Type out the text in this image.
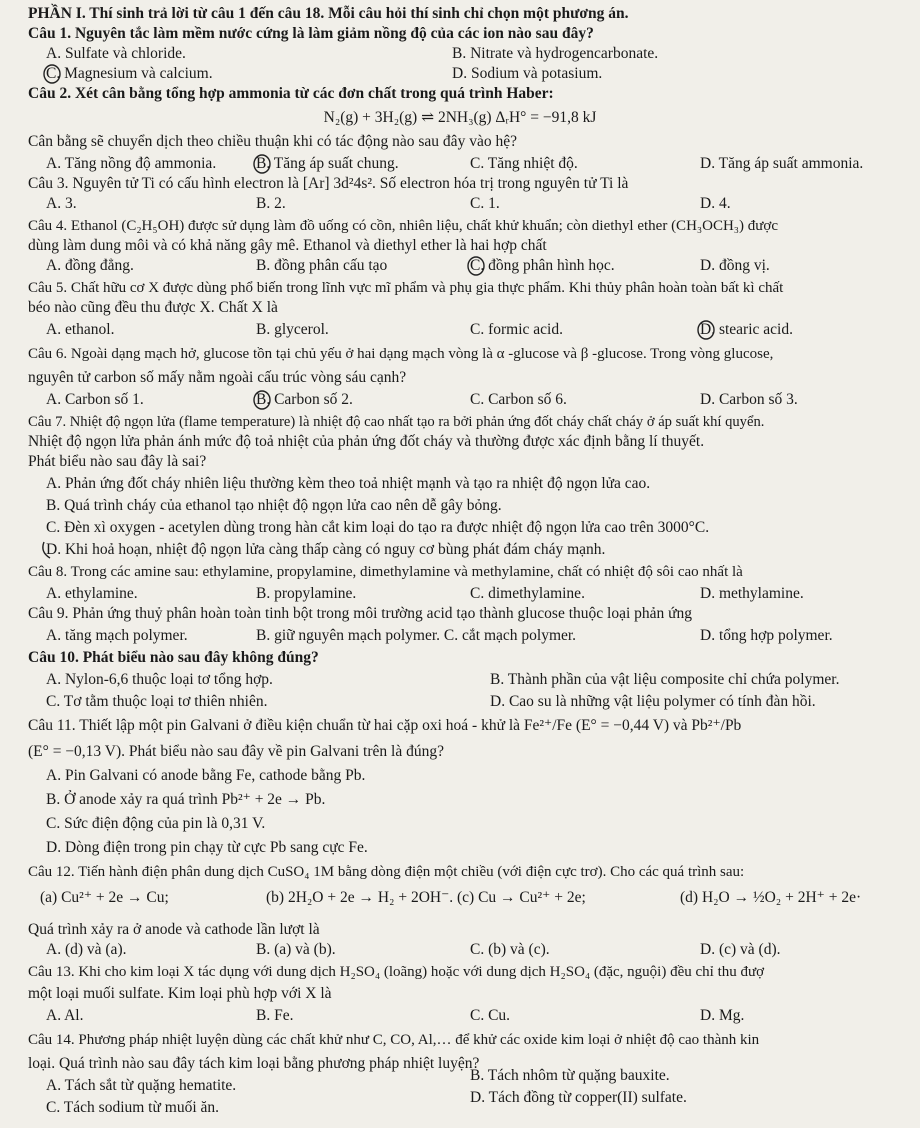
PHẦN I. Thí sinh trả lời từ câu 1 đến câu 18. Mỗi câu hỏi thí sinh chỉ chọn một phương án.
Câu 1. Nguyên tắc làm mềm nước cứng là làm giảm nồng độ của các ion nào sau đây?
A. Sulfate và chloride.	B. Nitrate và hydrogencarbonate.
C. Magnesium và calcium.	D. Sodium và potasium.
Câu 2. Xét cân bằng tổng hợp ammonia từ các đơn chất trong quá trình Haber:
N₂(g) + 3H₂(g) ⇌ 2NH₃(g) ΔᵣH° = −91,8 kJ
Cân bằng sẽ chuyển dịch theo chiều thuận khi có tác động nào sau đây vào hệ?
A. Tăng nồng độ ammonia.	B. Tăng áp suất chung.	C. Tăng nhiệt độ.	D. Tăng áp suất ammonia.
Câu 3. Nguyên tử Ti có cấu hình electron là [Ar] 3d²4s². Số electron hóa trị trong nguyên tử Ti là
A. 3.	B. 2.	C. 1.	D. 4.
Câu 4. Ethanol (C₂H₅OH) được sử dụng làm đồ uống có cồn, nhiên liệu, chất khử khuẩn; còn diethyl ether (CH₃OCH₃) được
dùng làm dung môi và có khả năng gây mê. Ethanol và diethyl ether là hai hợp chất
A. đồng đẳng.	B. đồng phân cấu tạo	C. đồng phân hình học.	D. đồng vị.
Câu 5. Chất hữu cơ X được dùng phổ biến trong lĩnh vực mĩ phẩm và phụ gia thực phẩm. Khi thủy phân hoàn toàn bất kì chất
béo nào cũng đều thu được X. Chất X là
A. ethanol.	B. glycerol.	C. formic acid.	D. stearic acid.
Câu 6. Ngoài dạng mạch hở, glucose tồn tại chủ yếu ở hai dạng mạch vòng là α -glucose và β -glucose. Trong vòng glucose,
nguyên tử carbon số mấy nằm ngoài cấu trúc vòng sáu cạnh?
A. Carbon số 1.	B. Carbon số 2.	C. Carbon số 6.	D. Carbon số 3.
Câu 7. Nhiệt độ ngọn lửa (flame temperature) là nhiệt độ cao nhất tạo ra bởi phản ứng đốt cháy chất cháy ở áp suất khí quyển.
Nhiệt độ ngọn lửa phản ánh mức độ toả nhiệt của phản ứng đốt cháy và thường được xác định bằng lí thuyết.
Phát biểu nào sau đây là sai?
A. Phản ứng đốt cháy nhiên liệu thường kèm theo toả nhiệt mạnh và tạo ra nhiệt độ ngọn lửa cao.
B. Quá trình cháy của ethanol tạo nhiệt độ ngọn lửa cao nên dễ gây bỏng.
C. Đèn xì oxygen - acetylen dùng trong hàn cắt kim loại do tạo ra được nhiệt độ ngọn lửa cao trên 3000°C.
D. Khi hoả hoạn, nhiệt độ ngọn lửa càng thấp càng có nguy cơ bùng phát đám cháy mạnh.
Câu 8. Trong các amine sau: ethylamine, propylamine, dimethylamine và methylamine, chất có nhiệt độ sôi cao nhất là
A. ethylamine.	B. propylamine.	C. dimethylamine.	D. methylamine.
Câu 9. Phản ứng thuỷ phân hoàn toàn tinh bột trong môi trường acid tạo thành glucose thuộc loại phản ứng
A. tăng mạch polymer.	B. giữ nguyên mạch polymer. C. cắt mạch polymer.	D. tổng hợp polymer.
Câu 10. Phát biểu nào sau đây không đúng?
A. Nylon-6,6 thuộc loại tơ tổng hợp.	B. Thành phần của vật liệu composite chỉ chứa polymer.
C. Tơ tằm thuộc loại tơ thiên nhiên.	D. Cao su là những vật liệu polymer có tính đàn hồi.
Câu 11. Thiết lập một pin Galvani ở điều kiện chuẩn từ hai cặp oxi hoá - khử là Fe²⁺/Fe (E° = −0,44 V) và Pb²⁺/Pb
(E° = −0,13 V). Phát biểu nào sau đây về pin Galvani trên là đúng?
A. Pin Galvani có anode bằng Fe, cathode bằng Pb.
B. Ở anode xảy ra quá trình Pb²⁺ + 2e → Pb.
C. Sức điện động của pin là 0,31 V.
D. Dòng điện trong pin chạy từ cực Pb sang cực Fe.
Câu 12. Tiến hành điện phân dung dịch CuSO₄ 1M bằng dòng điện một chiều (với điện cực trơ). Cho các quá trình sau:
(a) Cu²⁺ + 2e → Cu;	(b) 2H₂O + 2e → H₂ + 2OH⁻. (c) Cu → Cu²⁺ + 2e;	(d) H₂O → ½O₂ + 2H⁺ + 2e·
Quá trình xảy ra ở anode và cathode lần lượt là
A. (d) và (a).	B. (a) và (b).	C. (b) và (c).	D. (c) và (d).
Câu 13. Khi cho kim loại X tác dụng với dung dịch H₂SO₄ (loãng) hoặc với dung dịch H₂SO₄ (đặc, nguội) đều chỉ thu đượ
một loại muối sulfate. Kim loại phù hợp với X là
A. Al.	B. Fe.	C. Cu.	D. Mg.
Câu 14. Phương pháp nhiệt luyện dùng các chất khử như C, CO, Al,… để khử các oxide kim loại ở nhiệt độ cao thành kin
loại. Quá trình nào sau đây tách kim loại bằng phương pháp nhiệt luyện?
A. Tách sắt từ quặng hematite.
B. Tách nhôm từ quặng bauxite.
C. Tách sodium từ muối ăn.
D. Tách đồng từ copper(II) sulfate.
